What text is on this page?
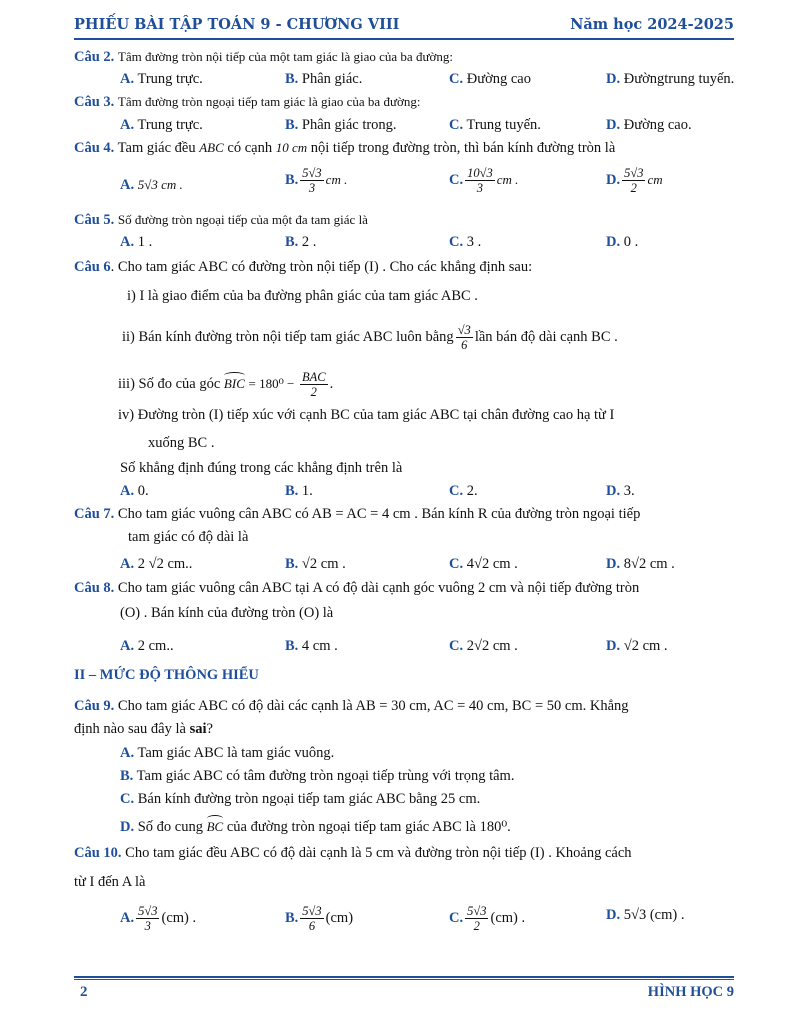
PHIẾU BÀI TẬP TOÁN 9 - CHƯƠNG VIII	Năm học 2024-2025
Câu 2. Tâm đường tròn nội tiếp của một tam giác là giao của ba đường:
A. Trung trực.	B. Phân giác.	C. Đường cao	D. Đườngtrung tuyến.
Câu 3. Tâm đường tròn ngoại tiếp tam giác là giao của ba đường:
A. Trung trực.	B. Phân giác trong.	C. Trung tuyến.	D. Đường cao.
Câu 4. Tam giác đều ABC có cạnh 10 cm nội tiếp trong đường tròn, thì bán kính đường tròn là
A. 5√3 cm .	B. $\frac{5√3}{3}$ cm .	C. $\frac{10√3}{3}$ cm .	D. $\frac{5√3}{2}$ cm
Câu 5. Số đường tròn ngoại tiếp của một đa tam giác là
A. 1 .	B. 2 .	C. 3 .	D. 0 .
Câu 6. Cho tam giác ABC có đường tròn nội tiếp (I) . Cho các khẳng định sau:
i) I là giao điểm của ba đường phân giác của tam giác ABC .
ii) Bán kính đường tròn nội tiếp tam giác ABC luôn bằng $\frac{√3}{6}$ lần bán độ dài cạnh BC .
iii) Số đo của góc BIC = $180^0 - \frac{\text{BAC}}{2}$ .
iv) Đường tròn (I) tiếp xúc với cạnh BC của tam giác ABC tại chân đường cao hạ từ I
xuống BC .
Số khẳng định đúng trong các khẳng định trên là
A. 0.	B. 1.	C. 2.	D. 3.
Câu 7. Cho tam giác vuông cân ABC có AB = AC = 4 cm . Bán kính R của đường tròn ngoại tiếp
tam giác có độ dài là
A. 2 √2 cm..	B. √2 cm .	C. 4√2 cm .	D. 8√2 cm .
Câu 8. Cho tam giác vuông cân ABC tại A có độ dài cạnh góc vuông 2 cm và nội tiếp đường tròn
(O) . Bán kính của đường tròn (O) là
A. 2 cm..	B. 4 cm .	C. 2√2 cm .	D. √2 cm .
II – MỨC ĐỘ THÔNG HIỂU
Câu 9. Cho tam giác ABC có độ dài các cạnh là AB = 30 cm, AC = 40 cm, BC = 50 cm. Khẳng
định nào sau đây là sai?
A. Tam giác ABC là tam giác vuông.
B. Tam giác ABC có tâm đường tròn ngoại tiếp trùng với trọng tâm.
C. Bán kính đường tròn ngoại tiếp tam giác ABC bằng 25 cm.
D. Số đo cung BC của đường tròn ngoại tiếp tam giác ABC là 180⁰.
Câu 10. Cho tam giác đều ABC có độ dài cạnh là 5 cm và đường tròn nội tiếp (I) . Khoảng cách
từ I đến A là
A. $\frac{5√3}{3} (cm)$ .	B. $\frac{5√3}{6} (cm)$	C. $\frac{5√3}{2} (cm)$ .	D. 5√3 (cm) .
2	HÌNH HỌC 9
